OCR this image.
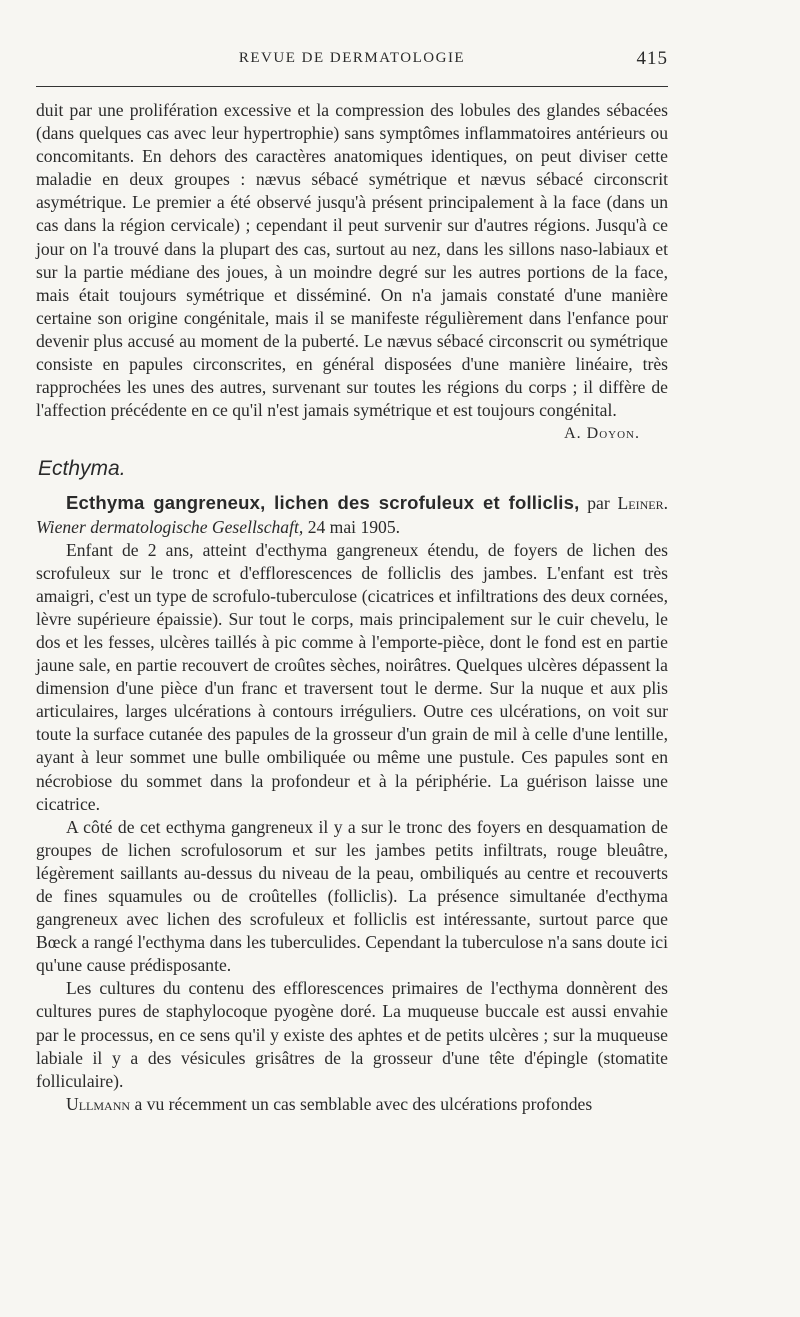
REVUE DE DERMATOLOGIE	415

duit par une prolifération excessive et la compression des lobules des glandes sébacées (dans quelques cas avec leur hypertrophie) sans symptômes inflammatoires antérieurs ou concomitants. En dehors des caractères anatomiques identiques, on peut diviser cette maladie en deux groupes : nævus sébacé symétrique et nævus sébacé circonscrit asymétrique. Le premier a été observé jusqu'à présent principalement à la face (dans un cas dans la région cervicale) ; cependant il peut survenir sur d'autres régions. Jusqu'à ce jour on l'a trouvé dans la plupart des cas, surtout au nez, dans les sillons naso-labiaux et sur la partie médiane des joues, à un moindre degré sur les autres portions de la face, mais était toujours symétrique et disséminé. On n'a jamais constaté d'une manière certaine son origine congénitale, mais il se manifeste régulièrement dans l'enfance pour devenir plus accusé au moment de la puberté. Le nævus sébacé circonscrit ou symétrique consiste en papules circonscrites, en général disposées d'une manière linéaire, très rapprochées les unes des autres, survenant sur toutes les régions du corps ; il diffère de l'affection précédente en ce qu'il n'est jamais symétrique et est toujours congénital.

A. Doyon.

Ecthyma.

Ecthyma gangreneux, lichen des scrofuleux et folliclis, par Leiner. Wiener dermatologische Gesellschaft, 24 mai 1905.

Enfant de 2 ans, atteint d'ecthyma gangreneux étendu, de foyers de lichen des scrofuleux sur le tronc et d'efflorescences de folliclis des jambes. L'enfant est très amaigri, c'est un type de scrofulo-tuberculose (cicatrices et infiltrations des deux cornées, lèvre supérieure épaissie). Sur tout le corps, mais principalement sur le cuir chevelu, le dos et les fesses, ulcères taillés à pic comme à l'emporte-pièce, dont le fond est en partie jaune sale, en partie recouvert de croûtes sèches, noirâtres. Quelques ulcères dépassent la dimension d'une pièce d'un franc et traversent tout le derme. Sur la nuque et aux plis articulaires, larges ulcérations à contours irréguliers. Outre ces ulcérations, on voit sur toute la surface cutanée des papules de la grosseur d'un grain de mil à celle d'une lentille, ayant à leur sommet une bulle ombiliquée ou même une pustule. Ces papules sont en nécrobiose du sommet dans la profondeur et à la périphérie. La guérison laisse une cicatrice.

A côté de cet ecthyma gangreneux il y a sur le tronc des foyers en desquamation de groupes de lichen scrofulosorum et sur les jambes petits infiltrats, rouge bleuâtre, légèrement saillants au-dessus du niveau de la peau, ombiliqués au centre et recouverts de fines squamules ou de croûtelles (folliclis). La présence simultanée d'ecthyma gangreneux avec lichen des scrofuleux et folliclis est intéressante, surtout parce que Bœck a rangé l'ecthyma dans les tuberculides. Cependant la tuberculose n'a sans doute ici qu'une cause prédisposante.

Les cultures du contenu des efflorescences primaires de l'ecthyma donnèrent des cultures pures de staphylocoque pyogène doré. La muqueuse buccale est aussi envahie par le processus, en ce sens qu'il y existe des aphtes et de petits ulcères ; sur la muqueuse labiale il y a des vésicules grisâtres de la grosseur d'une tête d'épingle (stomatite folliculaire).

Ullmann a vu récemment un cas semblable avec des ulcérations profondes
